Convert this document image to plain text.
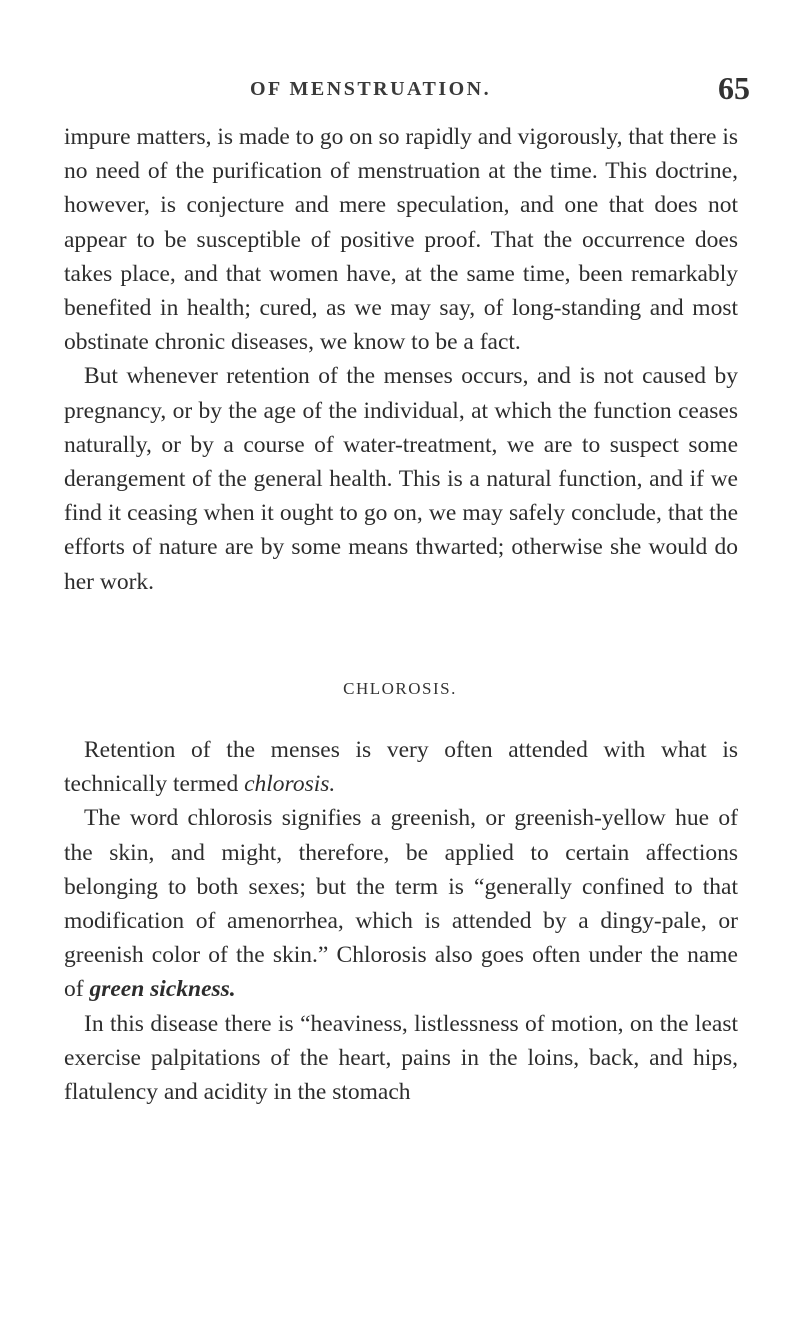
OF MENSTRUATION.	65

impure matters, is made to go on so rapidly and vigorously, that there is no need of the purification of menstruation at the time. This doctrine, however, is conjecture and mere speculation, and one that does not appear to be susceptible of positive proof. That the occurrence does takes place, and that women have, at the same time, been remarkably benefited in health; cured, as we may say, of long-standing and most obstinate chronic diseases, we know to be a fact.

But whenever retention of the menses occurs, and is not caused by pregnancy, or by the age of the individual, at which the function ceases naturally, or by a course of water-treatment, we are to suspect some derangement of the general health. This is a natural function, and if we find it ceasing when it ought to go on, we may safely conclude, that the efforts of nature are by some means thwarted; otherwise she would do her work.

CHLOROSIS.

Retention of the menses is very often attended with what is technically termed chlorosis.

The word chlorosis signifies a greenish, or greenish-yellow hue of the skin, and might, therefore, be applied to certain affections belonging to both sexes; but the term is “generally confined to that modification of amenorrhea, which is attended by a dingy-pale, or greenish color of the skin.” Chlorosis also goes often under the name of green sickness.

In this disease there is “heaviness, listlessness of motion, on the least exercise palpitations of the heart, pains in the loins, back, and hips, flatulency and acidity in the stomach
